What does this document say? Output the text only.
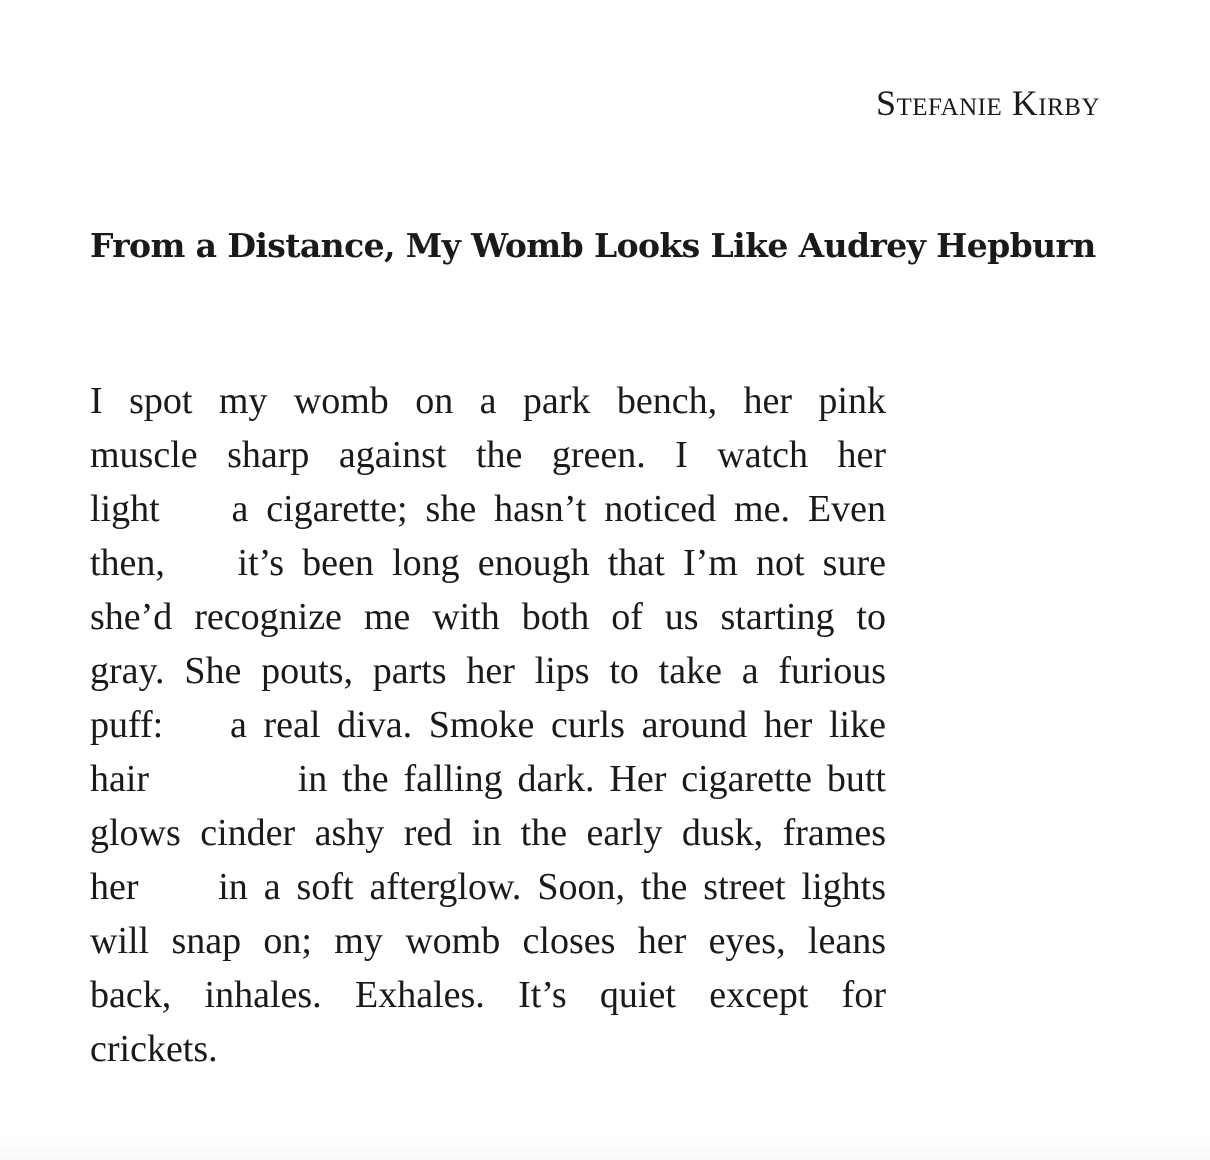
Stefanie Kirby
From a Distance, My Womb Looks Like Audrey Hepburn
I spot my womb on a park bench, her pink
muscle sharp against the green. I watch her
light    a cigarette; she hasn’t noticed me. Even
then,    it’s been long enough that I’m not sure
she’d recognize me with both of us starting to
gray. She pouts, parts her lips to take a furious
puff:    a real diva. Smoke curls around her like
hair          in the falling dark. Her cigarette butt
glows cinder ashy red in the early dusk, frames
her     in a soft afterglow. Soon, the street lights
will snap on; my womb closes her eyes, leans
back, inhales. Exhales. It’s quiet except for
crickets.
